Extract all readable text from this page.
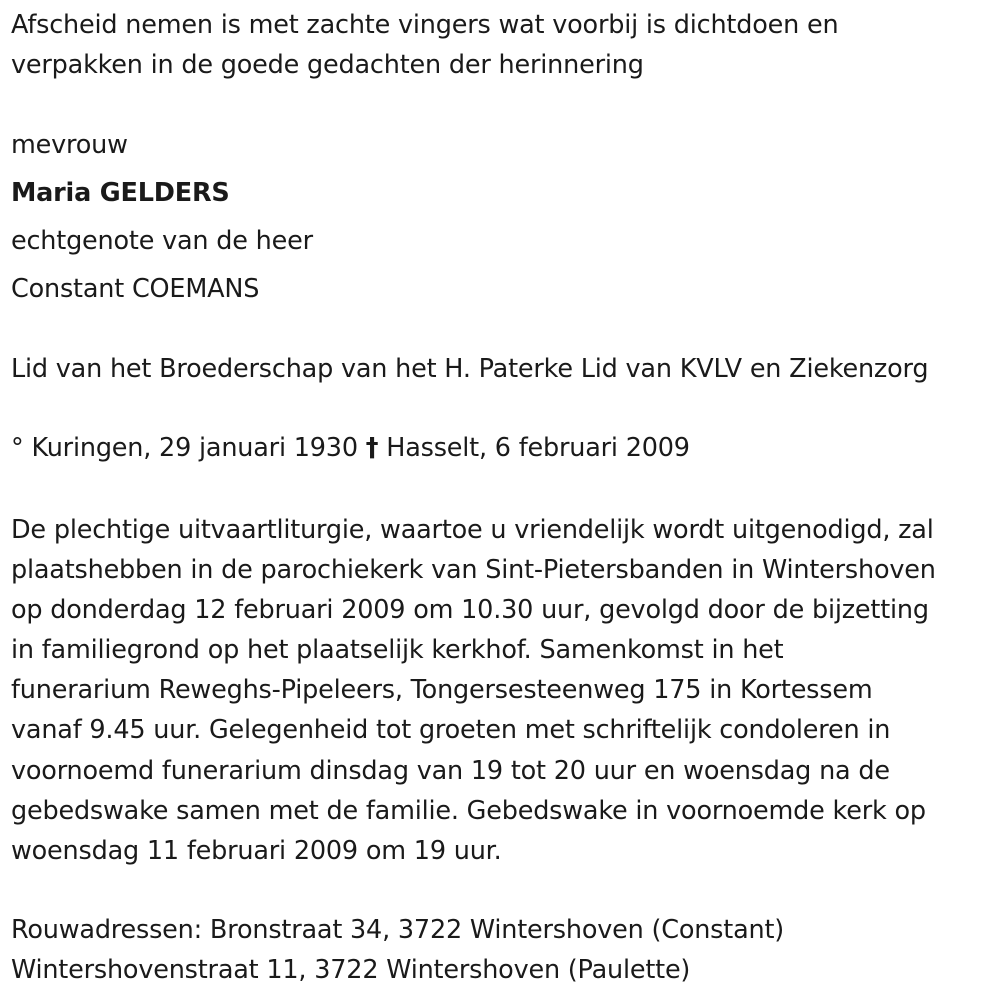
Afscheid nemen is met zachte vingers wat voorbij is dichtdoen en
verpakken in de goede gedachten der herinnering
mevrouw
Maria GELDERS
echtgenote van de heer
Constant COEMANS
Lid van het Broederschap van het H. Paterke Lid van KVLV en Ziekenzorg
° Kuringen, 29 januari 1930 † Hasselt, 6 februari 2009
De plechtige uitvaartliturgie, waartoe u vriendelijk wordt uitgenodigd, zal
plaatshebben in de parochiekerk van Sint-Pietersbanden in Wintershoven
op donderdag 12 februari 2009 om 10.30 uur, gevolgd door de bijzetting
in familiegrond op het plaatselijk kerkhof. Samenkomst in het
funerarium Reweghs-Pipeleers, Tongersesteenweg 175 in Kortessem
vanaf 9.45 uur. Gelegenheid tot groeten met schriftelijk condoleren in
voornoemd funerarium dinsdag van 19 tot 20 uur en woensdag na de
gebedswake samen met de familie. Gebedswake in voornoemde kerk op
woensdag 11 februari 2009 om 19 uur.
Rouwadressen: Bronstraat 34, 3722 Wintershoven (Constant)
Wintershovenstraat 11, 3722 Wintershoven (Paulette)
